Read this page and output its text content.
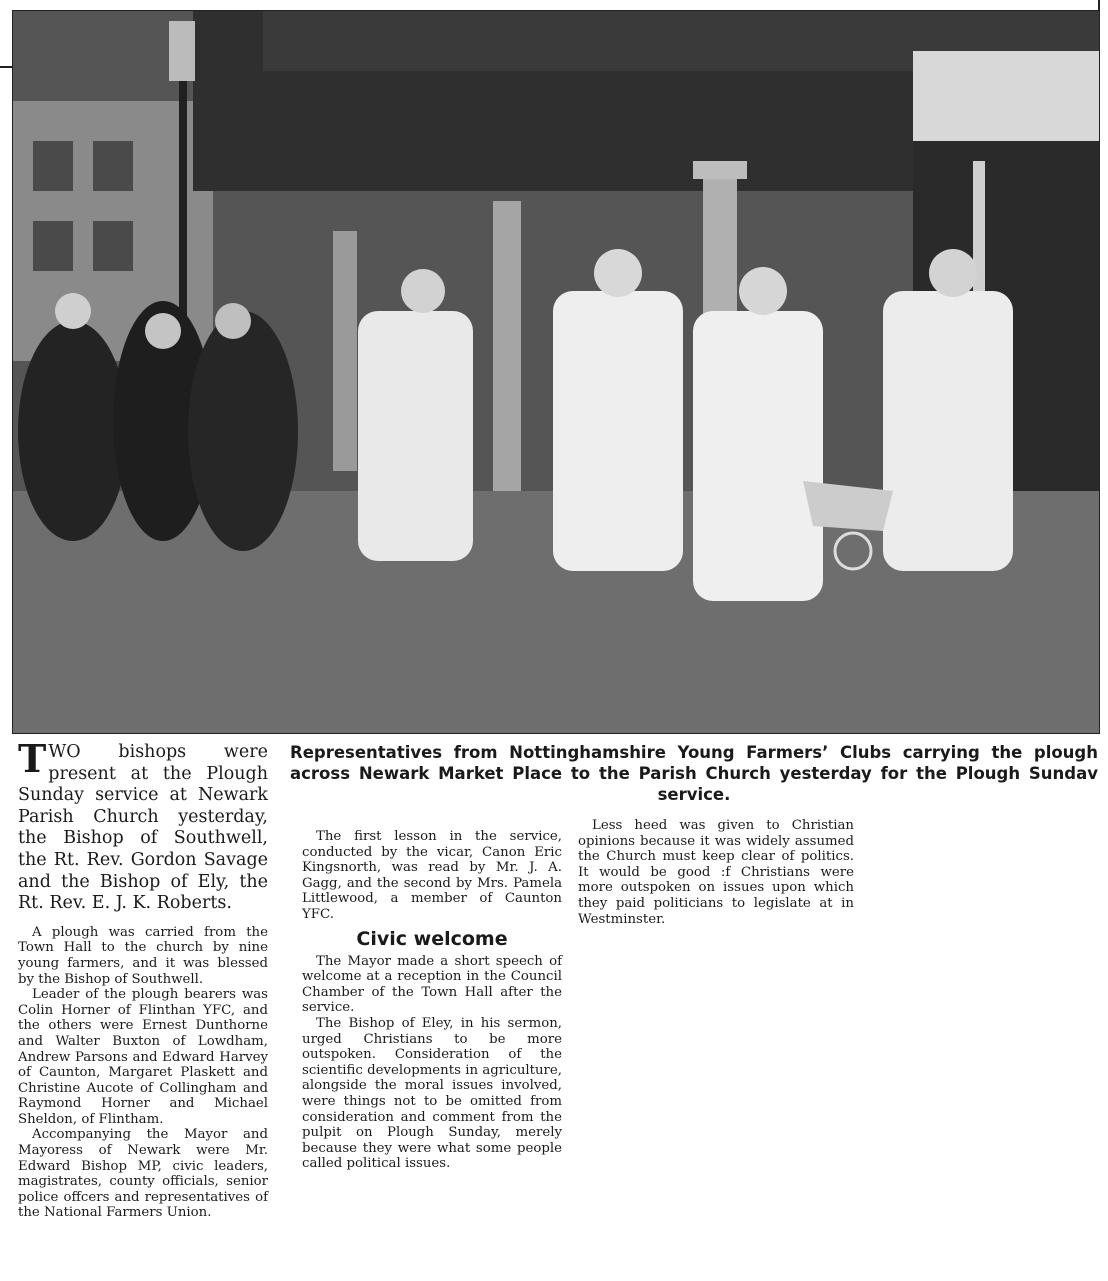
Representatives from Nottinghamshire Young Farmers’ Clubs carrying the plough across Newark Market Place to the Parish Church yesterday for the Plough Sundav service.

TWO bishops were present at the Plough Sunday service at Newark Parish Church yesterday, the Bishop of Southwell, the Rt. Rev. Gordon Savage and the Bishop of Ely, the Rt. Rev. E. J. K. Roberts.

A plough was carried from the Town Hall to the church by nine young farmers, and it was blessed by the Bishop of Southwell.

Leader of the plough bearers was Colin Horner of Flinthan YFC, and the others were Ernest Dunthorne and Walter Buxton of Lowdham, Andrew Parsons and Edward Harvey of Caunton, Margaret Plaskett and Christine Aucote of Collingham and Raymond Horner and Michael Sheldon, of Flintham.

Accompanying the Mayor and Mayoress of Newark were Mr. Edward Bishop MP, civic leaders, magistrates, county officials, senior police offcers and representatives of the National Farmers Union.

The first lesson in the service, conducted by the vicar, Canon Eric Kingsnorth, was read by Mr. J. A. Gagg, and the second by Mrs. Pamela Littlewood, a member of Caunton YFC.

Civic welcome

The Mayor made a short speech of welcome at a reception in the Council Chamber of the Town Hall after the service.

The Bishop of Eley, in his sermon, urged Christians to be more outspoken. Consideration of the scientific developments in agriculture, alongside the moral issues involved, were things not to be omitted from consideration and comment from the pulpit on Plough Sunday, merely because they were what some people called political issues.

Less heed was given to Christian opinions because it was widely assumed the Church must keep clear of politics. It would be good :f Christians were more outspoken on issues upon which they paid politicians to legislate at in Westminster.
